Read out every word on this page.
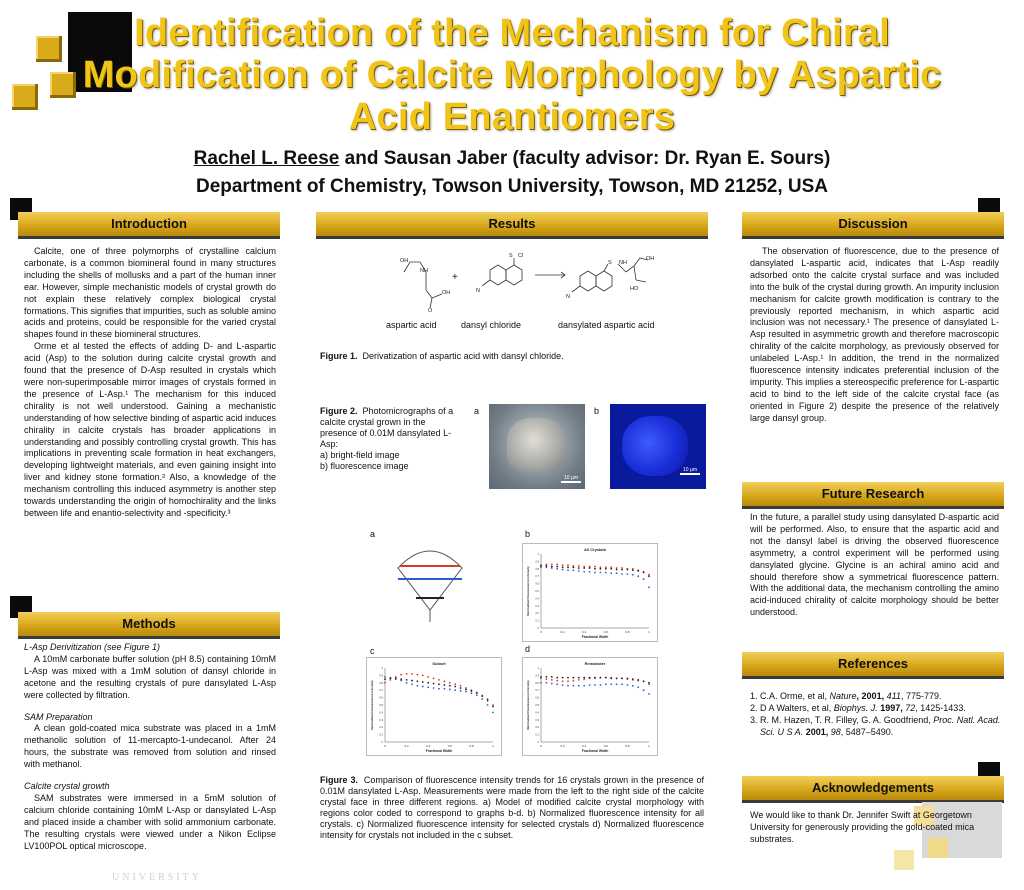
Identification of the Mechanism for Chiral Modification of Calcite Morphology by Aspartic Acid Enantiomers
Rachel L. Reese and Sausan Jaber (faculty advisor: Dr. Ryan E. Sours)
Department of Chemistry, Towson University, Towson, MD 21252, USA
Introduction

Calcite, one of three polymorphs of crystalline calcium carbonate, is a common biomineral found in many structures including the shells of mollusks and a part of the human inner ear. However, simple mechanistic models of crystal growth do not explain these relatively complex biological crystal formations. This signifies that impurities, such as soluble amino acids and proteins, could be responsible for the varied crystal shapes found in these biomineral structures.

Orme et al tested the effects of adding D- and L-aspartic acid (Asp) to the solution during calcite crystal growth and found that the presence of D-Asp resulted in crystals which were non-superimposable mirror images of crystals formed in the presence of L-Asp.¹ The mechanism for this induced chirality is not well understood. Gaining a mechanistic understanding of how selective binding of aspartic acid induces chirality in calcite crystals has broader applications in understanding and possibly controlling crystal growth. This has implications in preventing scale formation in heat exchangers, developing lightweight materials, and even gaining insight into liver and kidney stone formation.² Also, a knowledge of the mechanism controlling this induced asymmetry is another step towards understanding the origin of homochirality and the links between life and enantio-selectivity and -specificity.³

Methods
L-Asp Derivitization (see Figure 1)

A 10mM carbonate buffer solution (pH 8.5) containing 10mM L-Asp was mixed with a 1mM solution of dansyl chloride in acetone and the resulting crystals of pure dansylated L-Asp were collected by filtration.

SAM Preparation

A clean gold-coated mica substrate was placed in a 1mM methanolic solution of 11-mercapto-1-undecanol. After 24 hours, the substrate was removed from solution and rinsed with methanol.

Calcite crystal growth

SAM substrates were immersed in a 5mM solution of calcium chloride containing 10mM L-Asp or dansylated L-Asp and placed inside a chamber with solid ammonium carbonate. The resulting crystals were viewed under a Nikon Eclipse LV100POL optical microscope.

UNIVERSITY
Results
OH
NH
OH
O
S Cl
N
S NH
OH
HO
N
+
aspartic acid	dansyl chloride	dansylated aspartic acid
Figure 1. Derivatization of aspartic acid with dansyl chloride.
Figure 2. Photomicrographs of a calcite crystal grown in the presence of 0.01M dansylated L-Asp:
a) bright-field image
b) fluorescence image
a	b
10 µm
10 µm
a	b
c	d
All Crystals
0	0.2	0.4	0.6	0.8	1
0
0.1
0.2
0.3
0.4
0.5
0.6
0.7
0.8
0.9
1
Fractional Width
Normalized Fluorescence Intensity
Subset
0	0.2	0.4	0.6	0.8	1
0
0.1
0.2
0.3
0.4
0.5
0.6
0.7
0.8
0.9
1
Fractional Width
Normalized Fluorescence Intensity
Remainder
0	0.2	0.4	0.6	0.8	1
0
0.1
0.2
0.3
0.4
0.5
0.6
0.7
0.8
0.9
1
Fractional Width
Normalized Fluorescence Intensity
Figure 3. Comparison of fluorescence intensity trends for 16 crystals grown in the presence of 0.01M dansylated L-Asp. Measurements were made from the left to the right side of the calcite crystal face in three different regions. a) Model of modified calcite crystal morphology with regions color coded to correspond to graphs b-d. b) Normalized fluorescence intensity for all crystals. c) Normalized fluorescence intensity for selected crystals d) Normalized fluorescence intensity for crystals not included in the c subset.
Discussion

The observation of fluorescence, due to the presence of dansylated L-aspartic acid, indicates that L-Asp readily adsorbed onto the calcite crystal surface and was included into the bulk of the crystal during growth. An impurity inclusion mechanism for calcite growth modification is contrary to the previously reported mechanism, in which aspartic acid inclusion was not necessary.¹ The presence of dansylated L-Asp resulted in asymmetric growth and therefore macroscopic chirality of the calcite morphology, as previously observed for unlabeled L-Asp.¹ In addition, the trend in the normalized fluorescence intensity indicates preferential inclusion of the impurity. This implies a stereospecific preference for L-aspartic acid to bind to the left side of the calcite crystal face (as oriented in Figure 2) despite the presence of the relatively large dansyl group.

Future Research

In the future, a parallel study using dansylated D-aspartic acid will be performed. Also, to ensure that the aspartic acid and not the dansyl label is driving the observed fluorescence asymmetry, a control experiment will be performed using dansylated glycine. Glycine is an achiral amino acid and should therefore show a symmetrical fluorescence pattern. With the additional data, the mechanism controlling the amino acid-induced chirality of calcite morphology should be better understood.

References
1. C.A. Orme, et al, Nature, 2001, 411, 775-779.
2. D A Walters, et al, Biophys. J. 1997, 72, 1425-1433.
3. R. M. Hazen, T. R. Filley, G. A. Goodfriend, Proc. Natl. Acad. Sci. U S A. 2001, 98, 5487–5490.
Acknowledgements
We would like to thank Dr. Jennifer Swift at Georgetown University for generously providing the gold-coated mica substrates.
